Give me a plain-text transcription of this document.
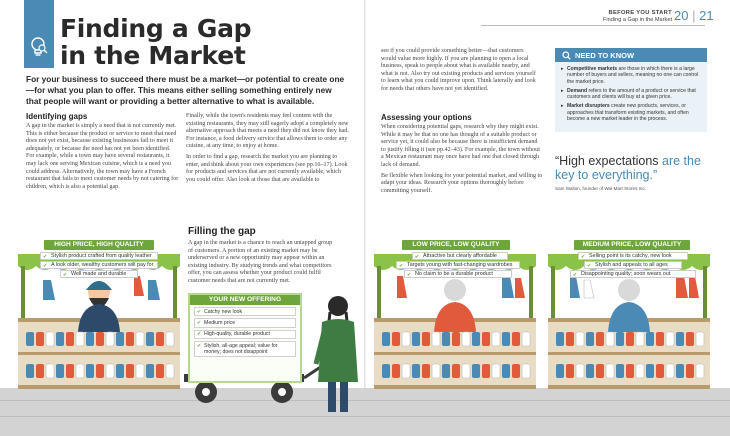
Finding a Gap
in the Market
For your business to succeed there must be a market—or potential to create one—for what you plan to offer. This means either selling something entirely new that people will want or providing a better alternative to what is available.
Identifying gaps
A gap in the market is simply a need that is not currently met. This is either because the product or service to meet that need does not yet exist, because existing businesses fail to meet it adequately, or because the need has not yet been identified. For example, while a town may have several restaurants, it may lack one serving Mexican cuisine, which is a need you could address. Alternatively, the town may have a French restaurant that fails to meet customer needs by not catering for children, which is also a potential gap.
Finally, while the town's residents may feel content with the existing restaurants, they may still eagerly adopt a completely new alternative approach that meets a need they did not know they had. For instance, a food delivery service that allows them to order any cuisine, at any time, to enjoy at home.
In order to find a gap, research the market you are planning to enter, and think about your own experiences (see pp.16–17). Look for products and services that are not currently available, which you could offer. Also look at those that are available to
Filling the gap
A gap in the market is a chance to reach an untapped group of customers. A portion of an existing market may be underserved or a new opportunity may appear within an existing industry. By studying trends and what competitors offer, you can assess whether your product could fulfil customer needs that are not currently met.
BEFORE YOU START
Finding a Gap in the Market 20 | 21
see if you could provide something better—that customers would value more highly. If you are planning to open a local business, speak to people about what is available nearby, and what is not. Also try out existing products and services yourself to learn what you could improve upon. Think laterally and look for needs that others have not yet identified.
Assessing your options
When considering potential gaps, research why they might exist. While it may be that no one has thought of a suitable product or service yet, it could also be because there is insufficient demand to justify filling it (see pp.42–43). For example, the town without a Mexican restaurant may once have had one that closed through lack of demand.
Be flexible when looking for your potential market, and willing to adapt your ideas. Research your options thoroughly before committing yourself.
NEED TO KNOW
▸ Competitive markets are those in which there is a large number of buyers and sellers, meaning no one can control the market price.
▸ Demand refers to the amount of a product or service that customers and clients will buy at a given price.
▸ Market disrupters create new products, services, or approaches that transform existing markets, and often become a new market leader in the process.
“High expectations are the key to everything.”
Sam Walton, founder of Wal-Mart Stores Inc.
HIGH PRICE, HIGH QUALITY
✔ Stylish product crafted from quality leather
✔ A look older, wealthy customers will pay for
✔ Well made and durable
YOUR NEW OFFERING
✔ Catchy new look
✔ Medium price
✔ High-quality, durable product
✔ Stylish, all-age appeal; value for money; does not disappoint
LOW PRICE, LOW QUALITY
✔ Attractive but clearly affordable
✔ Targets young with fast-changing wardrobes
✔ No claim to be a durable product
MEDIUM PRICE, LOW QUALITY
✔ Selling point is its catchy, new look
✔ Stylish and appeals to all ages
✔ Disappointing quality; soon wears out
